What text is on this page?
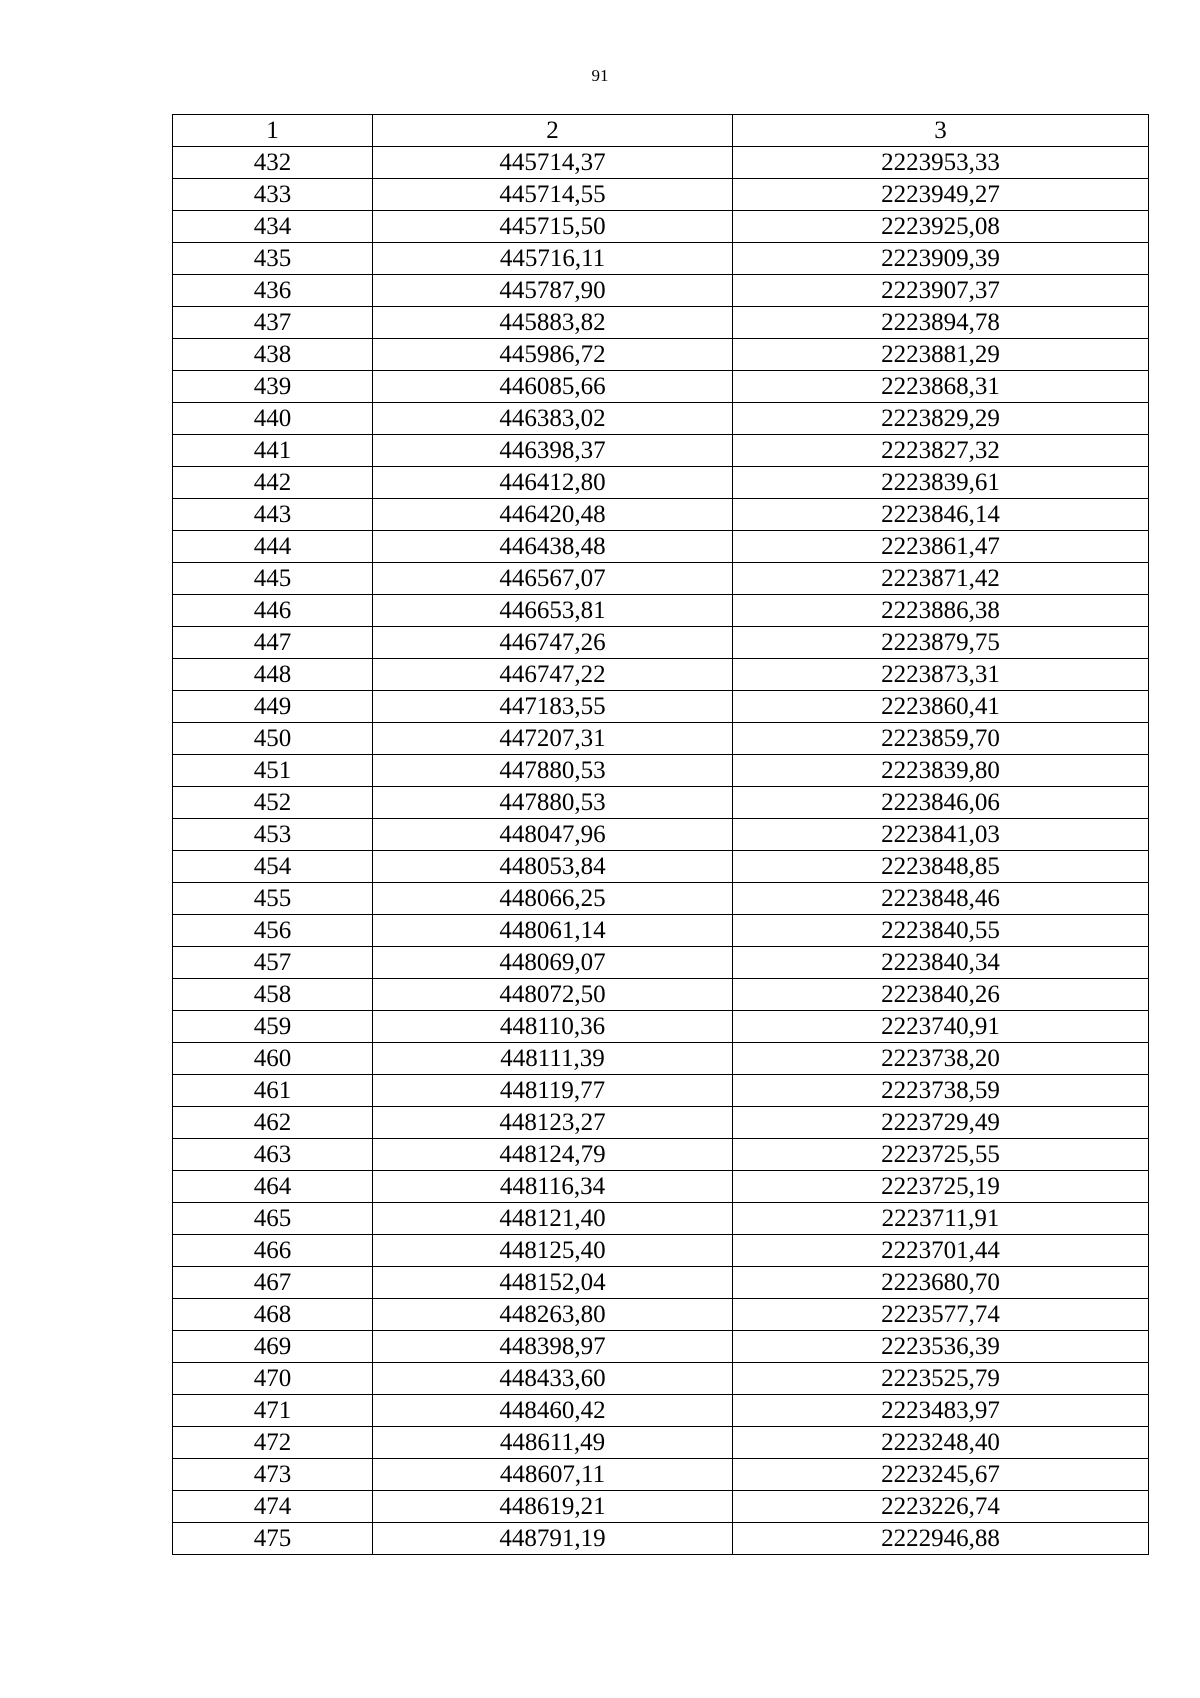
91
1	2	3
432	445714,37	2223953,33
433	445714,55	2223949,27
434	445715,50	2223925,08
435	445716,11	2223909,39
436	445787,90	2223907,37
437	445883,82	2223894,78
438	445986,72	2223881,29
439	446085,66	2223868,31
440	446383,02	2223829,29
441	446398,37	2223827,32
442	446412,80	2223839,61
443	446420,48	2223846,14
444	446438,48	2223861,47
445	446567,07	2223871,42
446	446653,81	2223886,38
447	446747,26	2223879,75
448	446747,22	2223873,31
449	447183,55	2223860,41
450	447207,31	2223859,70
451	447880,53	2223839,80
452	447880,53	2223846,06
453	448047,96	2223841,03
454	448053,84	2223848,85
455	448066,25	2223848,46
456	448061,14	2223840,55
457	448069,07	2223840,34
458	448072,50	2223840,26
459	448110,36	2223740,91
460	448111,39	2223738,20
461	448119,77	2223738,59
462	448123,27	2223729,49
463	448124,79	2223725,55
464	448116,34	2223725,19
465	448121,40	2223711,91
466	448125,40	2223701,44
467	448152,04	2223680,70
468	448263,80	2223577,74
469	448398,97	2223536,39
470	448433,60	2223525,79
471	448460,42	2223483,97
472	448611,49	2223248,40
473	448607,11	2223245,67
474	448619,21	2223226,74
475	448791,19	2222946,88
